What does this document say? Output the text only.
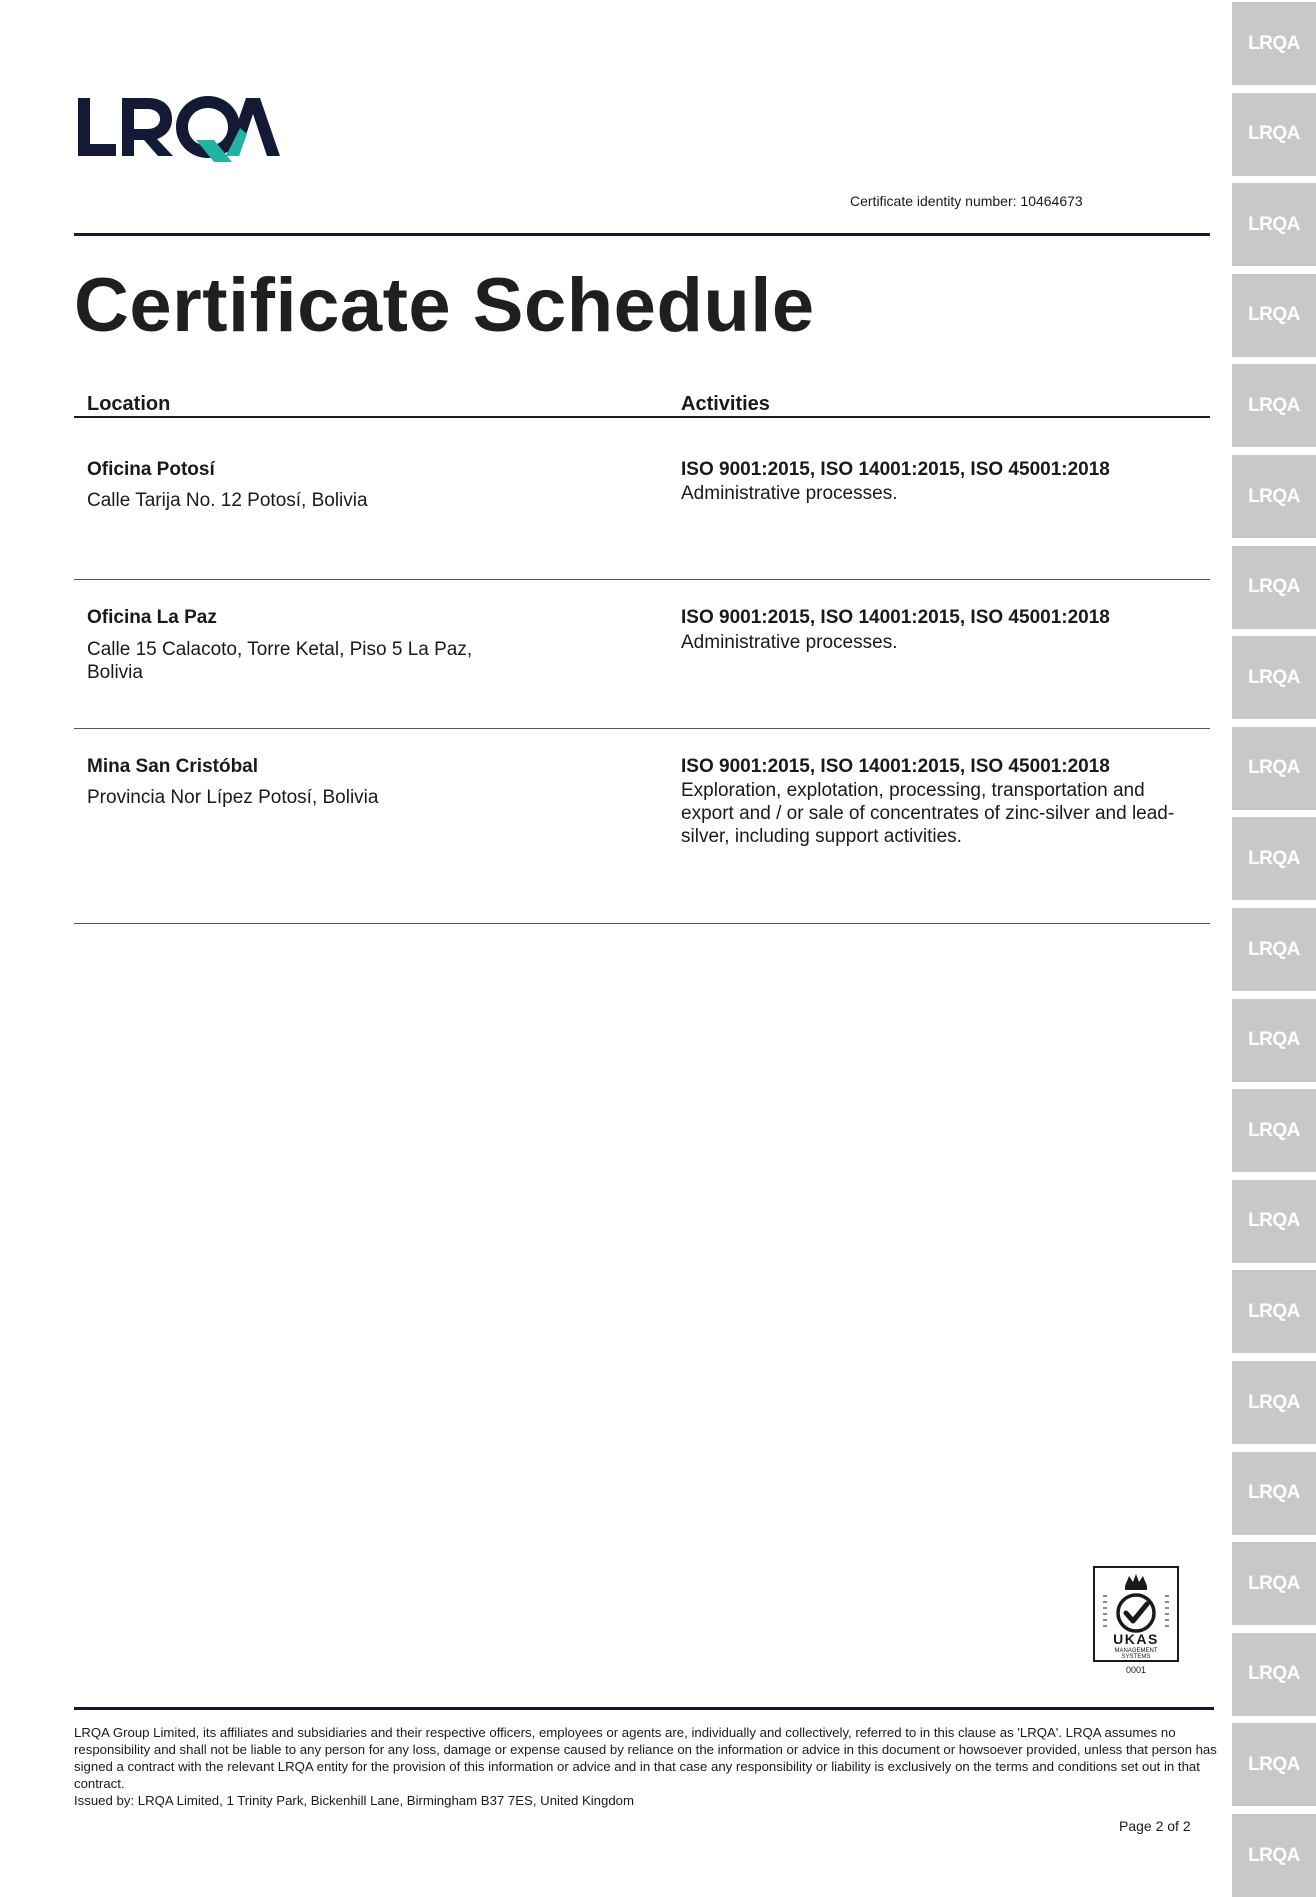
LRQA
LRQA
LRQA
LRQA
LRQA
LRQA
LRQA
LRQA
LRQA
LRQA
LRQA
LRQA
LRQA
LRQA
LRQA
LRQA
LRQA
LRQA
LRQA
LRQA
LRQA
Certificate identity number: 10464673
Certificate Schedule
Location	Activities
Oficina Potosí
Calle Tarija No. 12 Potosí, Bolivia
ISO 9001:2015, ISO 14001:2015, ISO 45001:2018
Administrative processes.
Oficina La Paz
Calle 15 Calacoto, Torre Ketal, Piso 5 La Paz, Bolivia
ISO 9001:2015, ISO 14001:2015, ISO 45001:2018
Administrative processes.
Mina San Cristóbal
Provincia Nor Lípez Potosí, Bolivia
ISO 9001:2015, ISO 14001:2015, ISO 45001:2018
Exploration, explotation, processing, transportation and export and / or sale of concentrates of zinc-silver and lead-silver, including support activities.
UKAS
MANAGEMENT
SYSTEMS
0001

LRQA Group Limited, its affiliates and subsidiaries and their respective officers, employees or agents are, individually and collectively, referred to in this clause as 'LRQA'. LRQA assumes no responsibility and shall not be liable to any person for any loss, damage or expense caused by reliance on the information or advice in this document or howsoever provided, unless that person has signed a contract with the relevant LRQA entity for the provision of this information or advice and in that case any responsibility or liability is exclusively on the terms and conditions set out in that contract.

Issued by: LRQA Limited, 1 Trinity Park, Bickenhill Lane, Birmingham B37 7ES, United Kingdom
Page 2 of 2
